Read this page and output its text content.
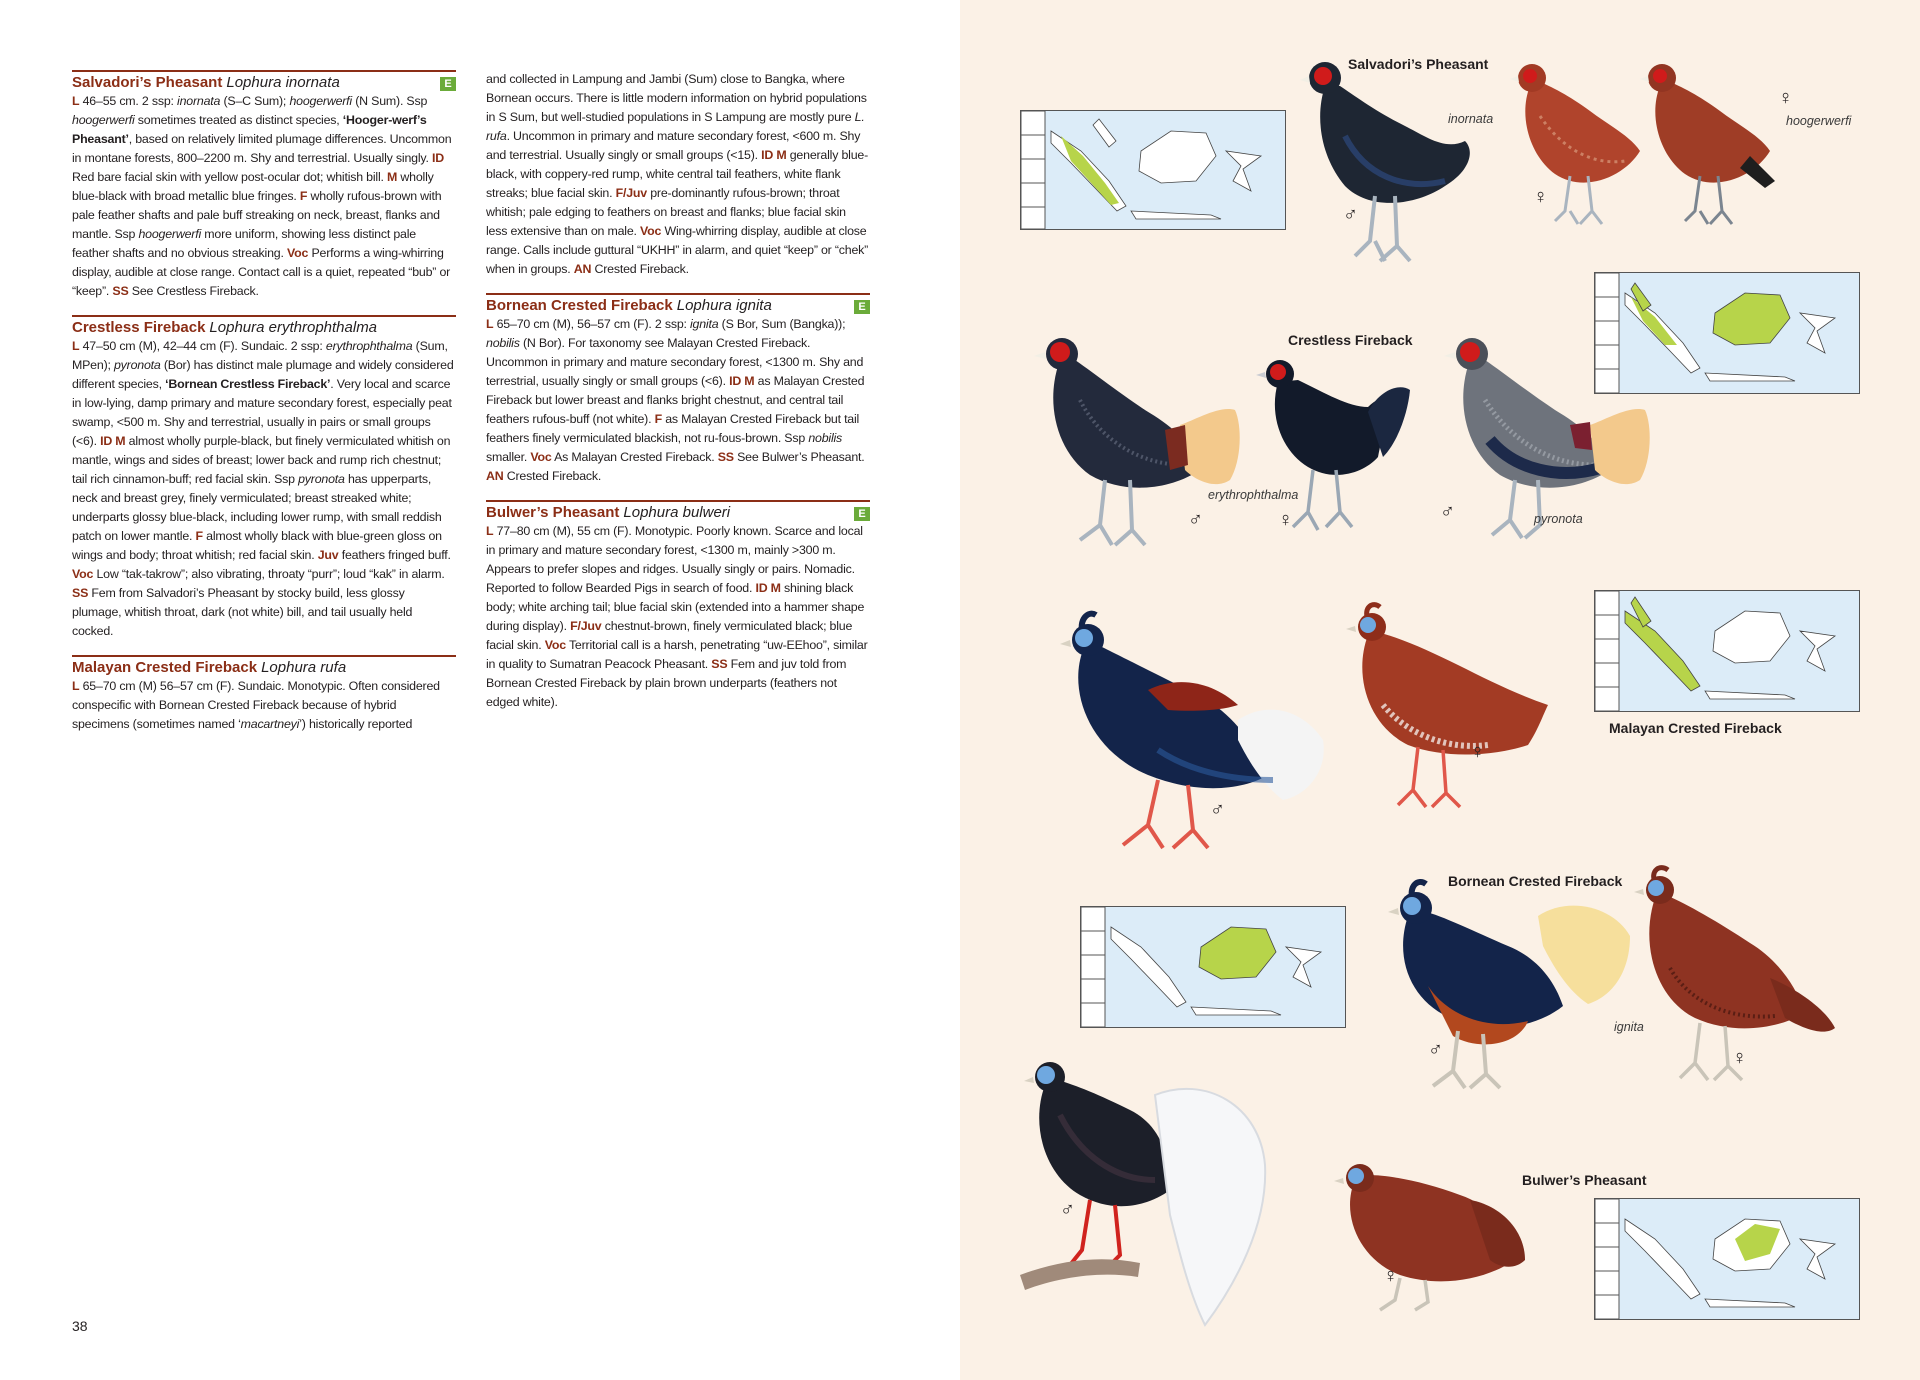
Salvadori’s Pheasant Lophura inornata	E

L 46–55 cm. 2 ssp: inornata (S–C Sum); hoogerwerfi (N Sum). Ssp hoogerwerfi sometimes treated as distinct species, ‘Hooger-werf’s Pheasant’, based on relatively limited plumage differences. Uncommon in montane forests, 800–2200 m. Shy and terrestrial. Usually singly. ID Red bare facial skin with yellow post-ocular dot; whitish bill. M wholly blue-black with broad metallic blue fringes. F wholly rufous-brown with pale feather shafts and pale buff streaking on neck, breast, flanks and mantle. Ssp hoogerwerfi more uniform, showing less distinct pale feather shafts and no obvious streaking. Voc Performs a wing-whirring display, audible at close range. Contact call is a quiet, repeated “bub” or “keep”. SS See Crestless Fireback.

Crestless Fireback Lophura erythrophthalma

L 47–50 cm (M), 42–44 cm (F). Sundaic. 2 ssp: erythrophthalma (Sum, MPen); pyronota (Bor) has distinct male plumage and widely considered different species, ‘Bornean Crestless Fireback’. Very local and scarce in low-lying, damp primary and mature secondary forest, especially peat swamp, <500 m. Shy and terrestrial, usually in pairs or small groups (<6). ID M almost wholly purple-black, but finely vermiculated whitish on mantle, wings and sides of breast; lower back and rump rich chestnut; tail rich cinnamon-buff; red facial skin. Ssp pyronota has upperparts, neck and breast grey, finely vermiculated; breast streaked white; underparts glossy blue-black, including lower rump, with small reddish patch on lower mantle. F almost wholly black with blue-green gloss on wings and body; throat whitish; red facial skin. Juv feathers fringed buff. Voc Low “tak-takrow”; also vibrating, throaty “purr”; loud “kak” in alarm. SS Fem from Salvadori’s Pheasant by stocky build, less glossy plumage, whitish throat, dark (not white) bill, and tail usually held cocked.

Malayan Crested Fireback Lophura rufa

L 65–70 cm (M) 56–57 cm (F). Sundaic. Monotypic. Often considered conspecific with Bornean Crested Fireback because of hybrid specimens (sometimes named ‘macartneyi’) historically reported

and collected in Lampung and Jambi (Sum) close to Bangka, where Bornean occurs. There is little modern information on hybrid populations in S Sum, but well-studied populations in S Lampung are mostly pure L. rufa. Uncommon in primary and mature secondary forest, <600 m. Shy and terrestrial. Usually singly or small groups (<15). ID M generally blue-black, with coppery-red rump, white central tail feathers, white flank streaks; blue facial skin. F/Juv pre-dominantly rufous-brown; throat whitish; pale edging to feathers on breast and flanks; blue facial skin less extensive than on male. Voc Wing-whirring display, audible at close range. Calls include guttural “UKHH” in alarm, and quiet “keep” or “chek” when in groups. AN Crested Fireback.

Bornean Crested Fireback Lophura ignita	E

L 65–70 cm (M), 56–57 cm (F). 2 ssp: ignita (S Bor, Sum (Bangka)); nobilis (N Bor). For taxonomy see Malayan Crested Fireback. Uncommon in primary and mature secondary forest, <1300 m. Shy and terrestrial, usually singly or small groups (<6). ID M as Malayan Crested Fireback but lower breast and flanks bright chestnut, and central tail feathers rufous-buff (not white). F as Malayan Crested Fireback but tail feathers finely vermiculated blackish, not ru-fous-brown. Ssp nobilis smaller. Voc As Malayan Crested Fireback. SS See Bulwer’s Pheasant. AN Crested Fireback.

Bulwer’s Pheasant Lophura bulweri	E

L 77–80 cm (M), 55 cm (F). Monotypic. Poorly known. Scarce and local in primary and mature secondary forest, <1300 m, mainly >300 m. Appears to prefer slopes and ridges. Usually singly or pairs. Nomadic. Reported to follow Bearded Pigs in search of food. ID M shining black body; white arching tail; blue facial skin (extended into a hammer shape during display). F/Juv chestnut-brown, finely vermiculated black; blue facial skin. Voc Territorial call is a harsh, penetrating “uw-EEhoo”, similar in quality to Sumatran Peacock Pheasant. SS Fem and juv told from Bornean Crested Fireback by plain brown underparts (feathers not edged white).

38
Salvadori’s Pheasant
♂
inornata
♀
♀
hoogerwerfi
Crestless Fireback
erythrophthalma
♂	♀	♂	pyronota
Malayan Crested Fireback
♂
♀
Bornean Crested Fireback
♂
ignita
♀
♂
♀
Bulwer’s Pheasant
